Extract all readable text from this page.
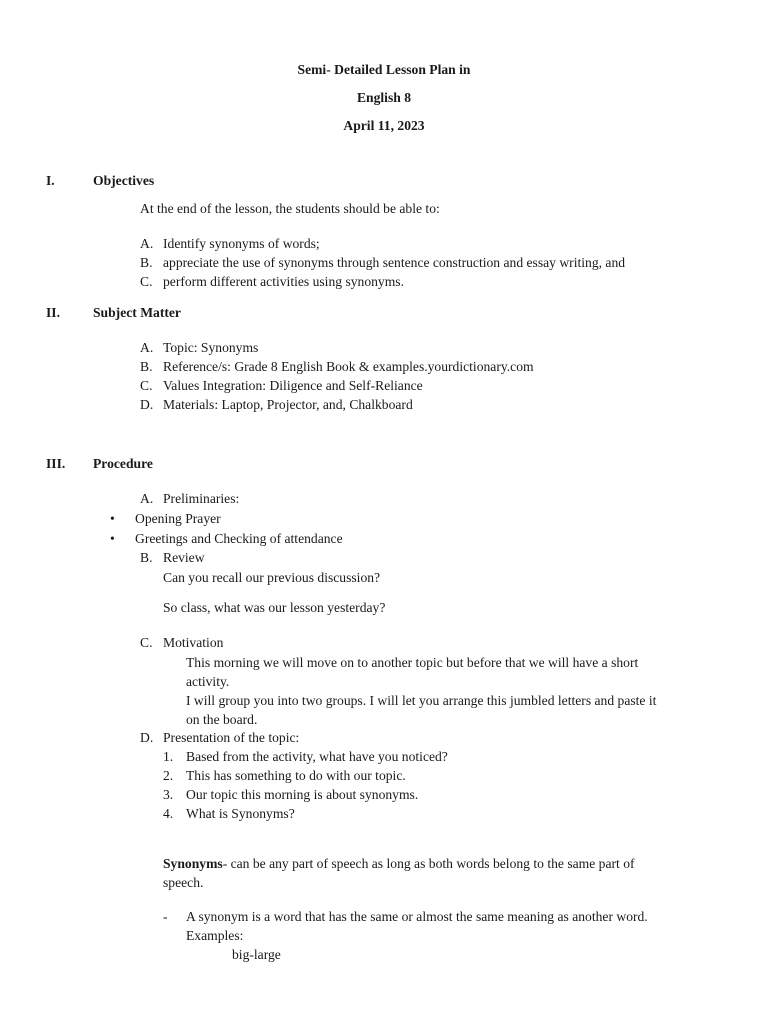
Semi- Detailed Lesson Plan in
English 8
April 11, 2023
I.	Objectives
At the end of the lesson, the students should be able to:
A. Identify synonyms of words;
B. appreciate the use of synonyms through sentence construction and essay writing, and
C. perform different activities using synonyms.
II. Subject Matter
A. Topic: Synonyms
B. Reference/s: Grade 8 English Book & examples.yourdictionary.com
C. Values Integration: Diligence and Self-Reliance
D. Materials: Laptop, Projector, and, Chalkboard
III. Procedure
A. Preliminaries:
• Opening Prayer
• Greetings and Checking of attendance
B. Review
Can you recall our previous discussion?
So class, what was our lesson yesterday?
C. Motivation
This morning we will move on to another topic but before that we will have a short
activity.
I will group you into two groups. I will let you arrange this jumbled letters and paste it
on the board.
D. Presentation of the topic:
1. Based from the activity, what have you noticed?
2. This has something to do with our topic.
3. Our topic this morning is about synonyms.
4. What is Synonyms?
Synonyms- can be any part of speech as long as both words belong to the same part of
speech.
- A synonym is a word that has the same or almost the same meaning as another word.
Examples:
big-large
